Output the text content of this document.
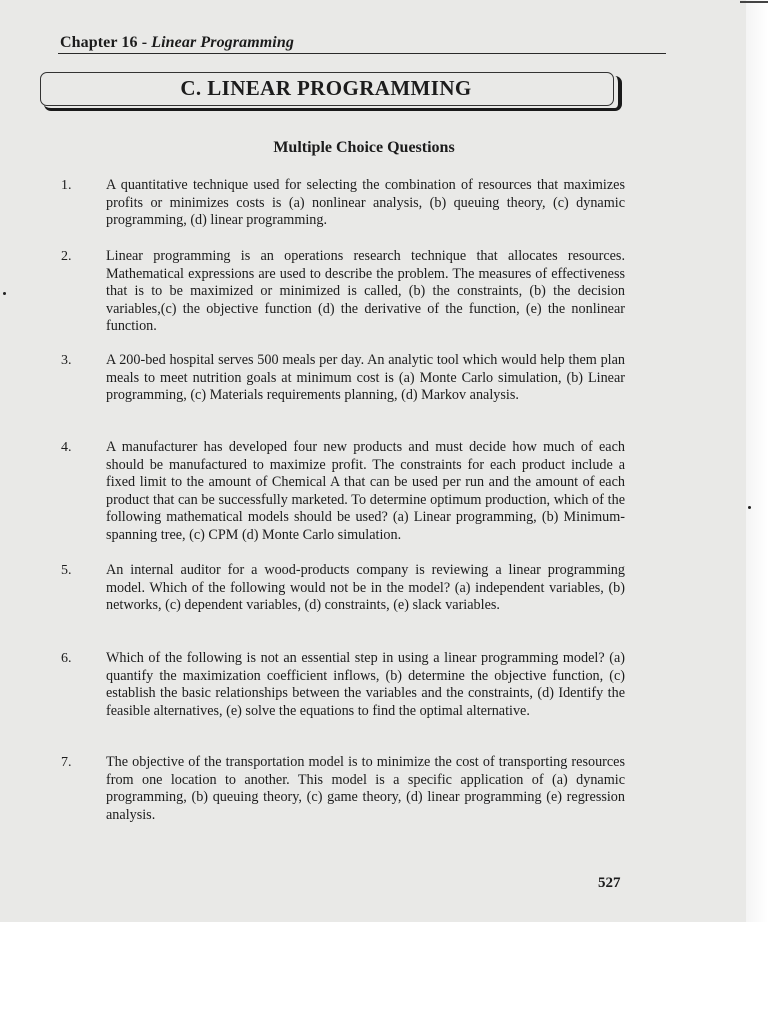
Chapter 16 - Linear Programming
C. LINEAR PROGRAMMING
Multiple Choice Questions
1. A quantitative technique used for selecting the combination of resources that maximizes profits or minimizes costs is (a) nonlinear analysis, (b) queuing theory, (c) dynamic programming, (d) linear programming.
2. Linear programming is an operations research technique that allocates resources. Mathematical expressions are used to describe the problem. The measures of effectiveness that is to be maximized or minimized is called, (b) the constraints, (b) the decision variables,(c) the objective function (d) the derivative of the function, (e) the nonlinear function.
3. A 200-bed hospital serves 500 meals per day. An analytic tool which would help them plan meals to meet nutrition goals at minimum cost is (a) Monte Carlo simulation, (b) Linear programming, (c) Materials requirements planning, (d) Markov analysis.
4. A manufacturer has developed four new products and must decide how much of each should be manufactured to maximize profit. The constraints for each product include a fixed limit to the amount of Chemical A that can be used per run and the amount of each product that can be successfully marketed. To determine optimum production, which of the following mathematical models should be used? (a) Linear programming, (b) Minimum-spanning tree, (c) CPM (d) Monte Carlo simulation.
5. An internal auditor for a wood-products company is reviewing a linear programming model. Which of the following would not be in the model? (a) independent variables, (b) networks, (c) dependent variables, (d) constraints, (e) slack variables.
6. Which of the following is not an essential step in using a linear programming model? (a) quantify the maximization coefficient inflows, (b) determine the objective function, (c) establish the basic relationships between the variables and the constraints, (d) Identify the feasible alternatives, (e) solve the equations to find the optimal alternative.
7. The objective of the transportation model is to minimize the cost of transporting resources from one location to another. This model is a specific application of (a) dynamic programming, (b) queuing theory, (c) game theory, (d) linear programming (e) regression analysis.
527
